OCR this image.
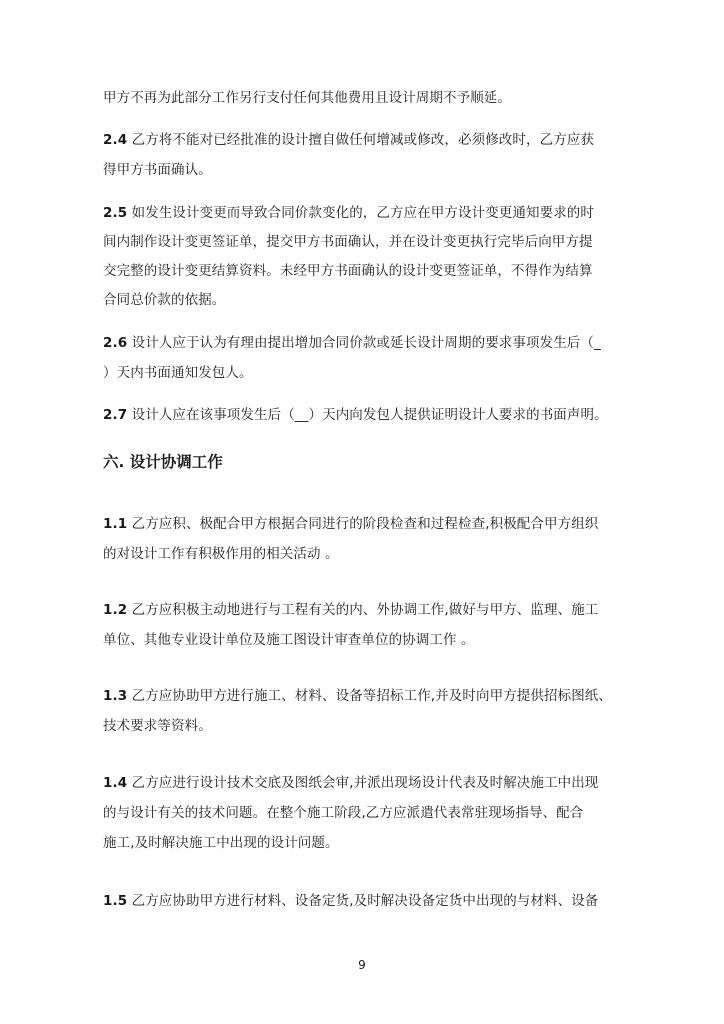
甲方不再为此部分工作另行支付任何其他费用且设计周期不予顺延。
2.4 乙方将不能对已经批准的设计擅自做任何增减或修改，必须修改时，乙方应获
得甲方书面确认。
2.5 如发生设计变更而导致合同价款变化的，乙方应在甲方设计变更通知要求的时
间内制作设计变更签证单，提交甲方书面确认，并在设计变更执行完毕后向甲方提
交完整的设计变更结算资料。未经甲方书面确认的设计变更签证单，不得作为结算
合同总价款的依据。
2.6 设计人应于认为有理由提出增加合同价款或延长设计周期的要求事项发生后（_
）天内书面通知发包人。
2.7 设计人应在该事项发生后（__）天内向发包人提供证明设计人要求的书面声明。
六. 设计协调工作
1.1 乙方应积、极配合甲方根据合同进行的阶段检查和过程检查,积极配合甲方组织
的对设计工作有积极作用的相关活动 。
1.2 乙方应积极主动地进行与工程有关的内、外协调工作,做好与甲方、监理、施工
单位、其他专业设计单位及施工图设计审查单位的协调工作 。
1.3 乙方应协助甲方进行施工、材料、设备等招标工作,并及时向甲方提供招标图纸、
技术要求等资料。
1.4 乙方应进行设计技术交底及图纸会审,并派出现场设计代表及时解决施工中出现
的与设计有关的技术问题。在整个施工阶段,乙方应派遣代表常驻现场指导、配合
施工,及时解决施工中出现的设计问题。
1.5 乙方应协助甲方进行材料、设备定货,及时解决设备定货中出现的与材料、设备
9
